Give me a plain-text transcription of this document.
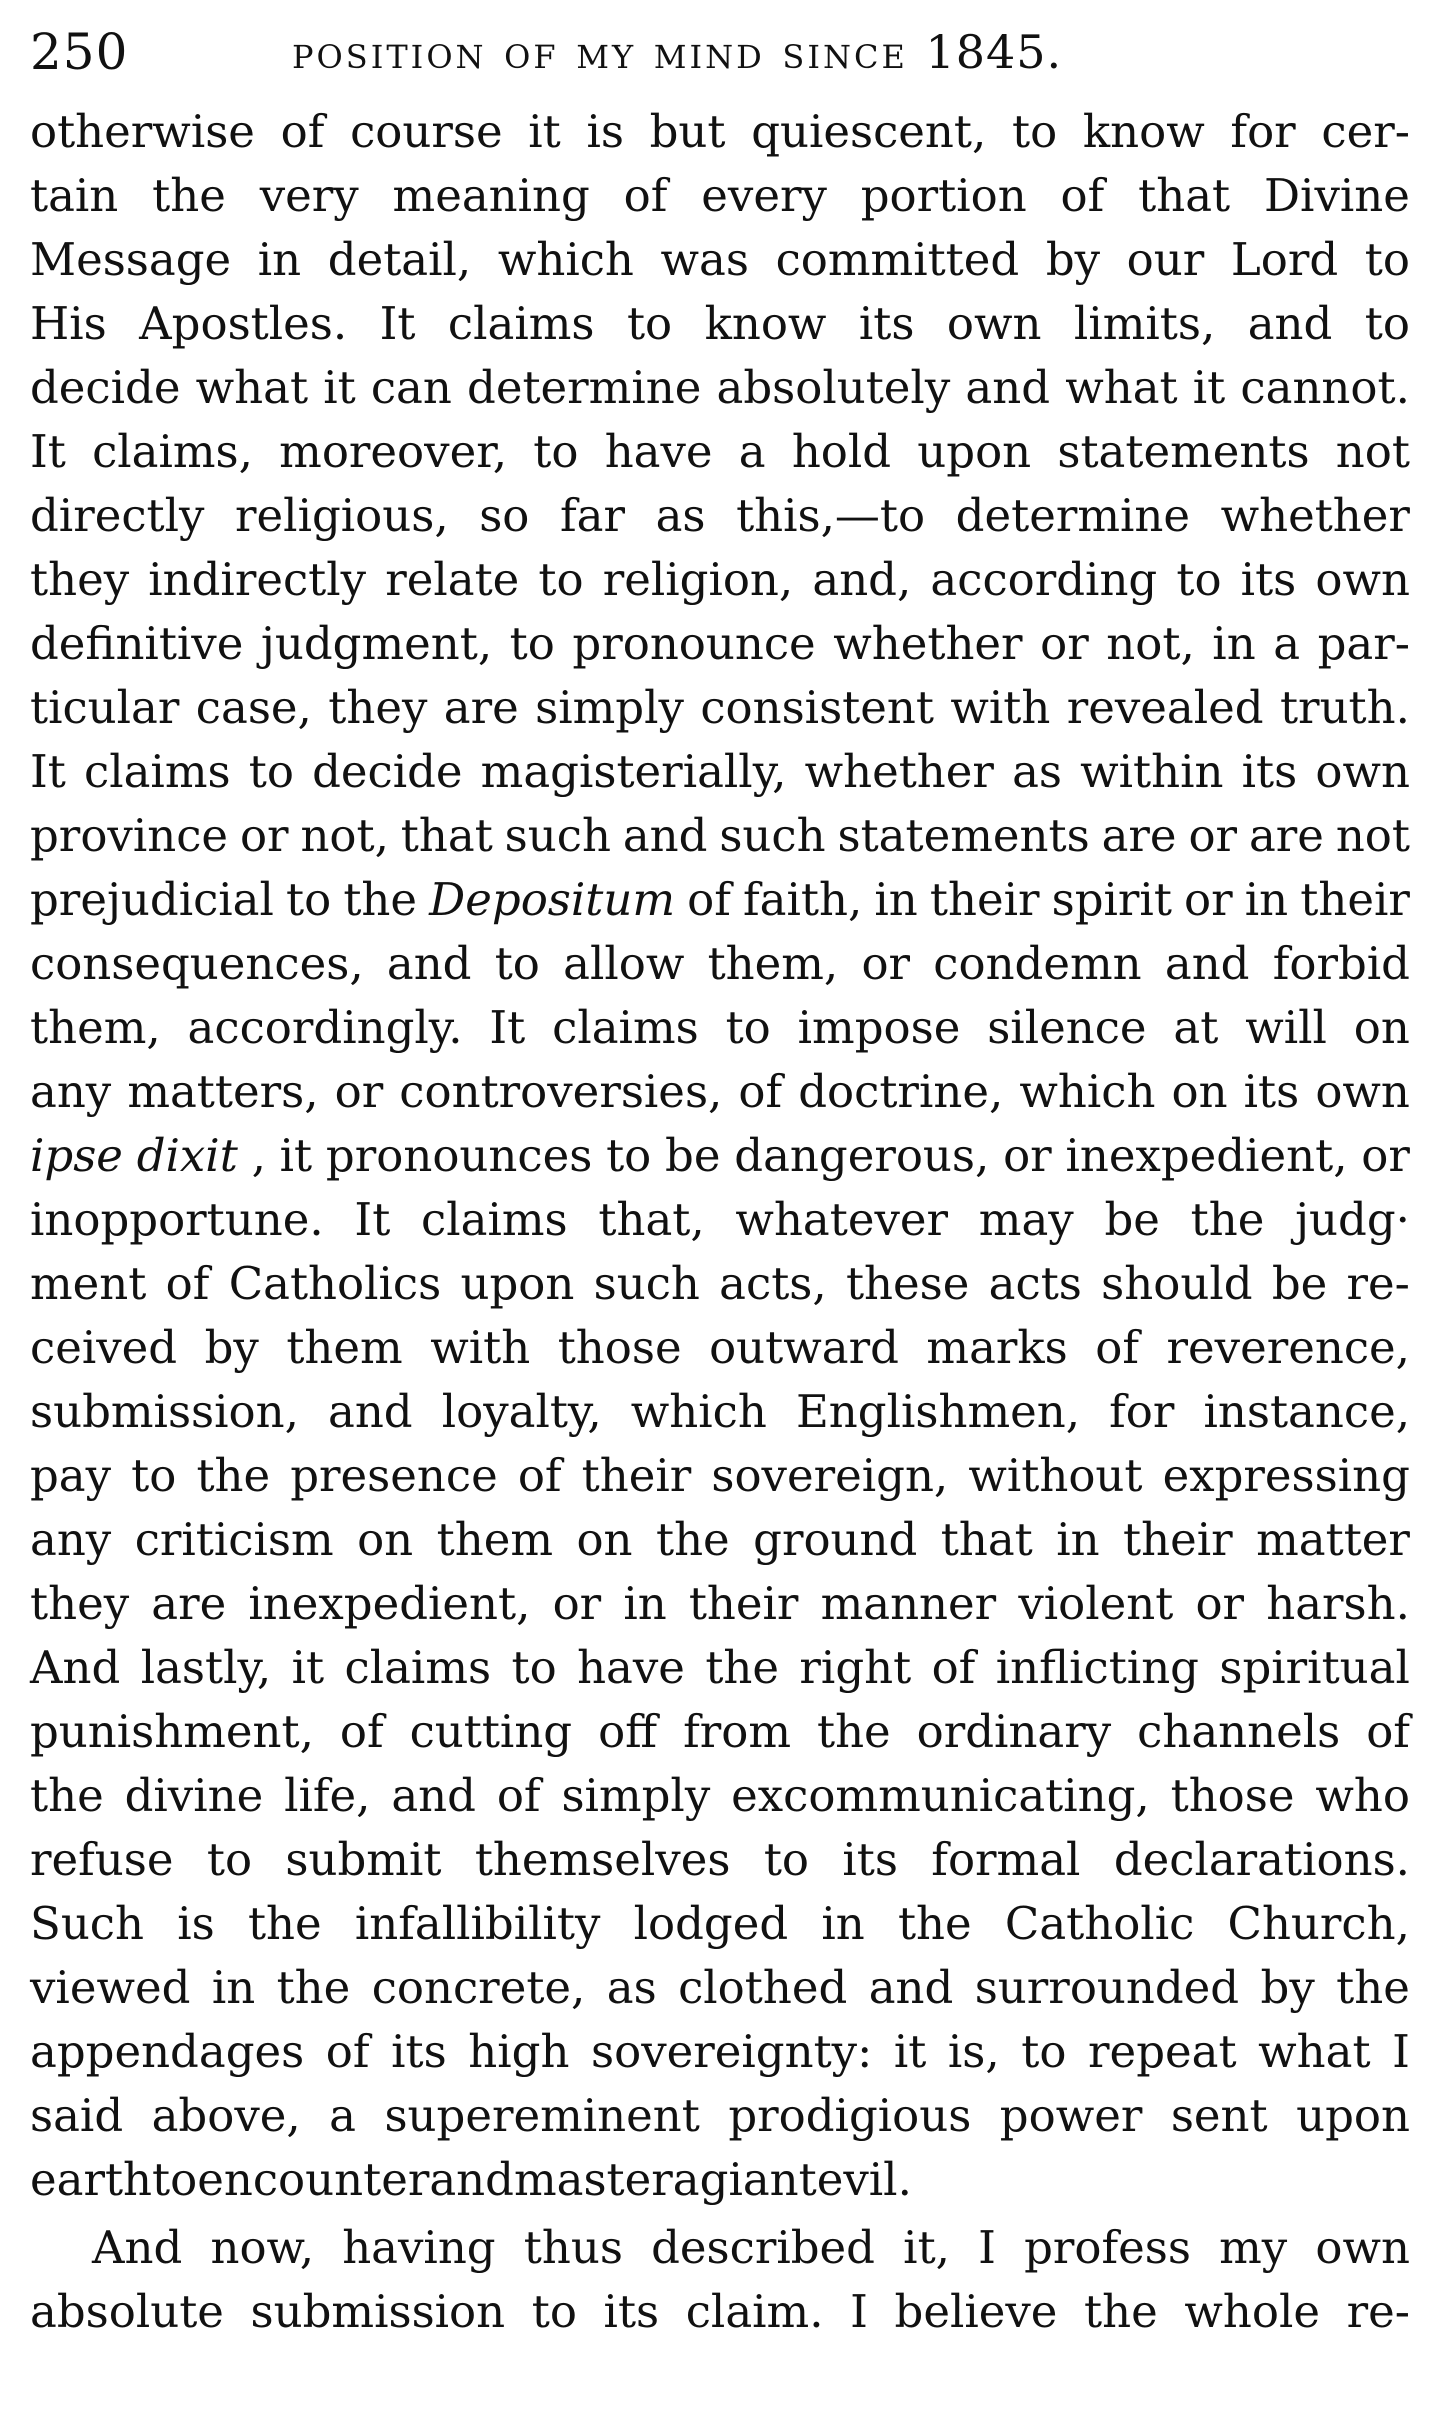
250	position of my mind since 1845.
otherwise of course it is but quiescent, to know for cer-
tain the very meaning of every portion of that Divine
Message in detail, which was committed by our Lord to
His Apostles. It claims to know its own limits, and to
decide what it can determine absolutely and what it cannot.
It claims, moreover, to have a hold upon statements not
directly religious, so far as this,—to determine whether
they indirectly relate to religion, and, according to its own
definitive judgment, to pronounce whether or not, in a par-
ticular case, they are simply consistent with revealed truth.
It claims to decide magisterially, whether as within its own
province or not, that such and such statements are or are not
prejudicial to the Depositum of faith, in their spirit or in their
consequences, and to allow them, or condemn and forbid
them, accordingly. It claims to impose silence at will on
any matters, or controversies, of doctrine, which on its own
ipse dixit , it pronounces to be dangerous, or inexpedient, or
inopportune. It claims that, whatever may be the judg·
ment of Catholics upon such acts, these acts should be re-
ceived by them with those outward marks of reverence,
submission, and loyalty, which Englishmen, for instance,
pay to the presence of their sovereign, without expressing
any criticism on them on the ground that in their matter
they are inexpedient, or in their manner violent or harsh.
And lastly, it claims to have the right of inflicting spiritual
punishment, of cutting off from the ordinary channels of
the divine life, and of simply excommunicating, those who
refuse to submit themselves to its formal declarations.
Such is the infallibility lodged in the Catholic Church,
viewed in the concrete, as clothed and surrounded by the
appendages of its high sovereignty: it is, to repeat what I
said above, a supereminent prodigious power sent upon
earth to encounter and master a giant evil.
And now, having thus described it, I profess my own
absolute submission to its claim. I believe the whole re-
